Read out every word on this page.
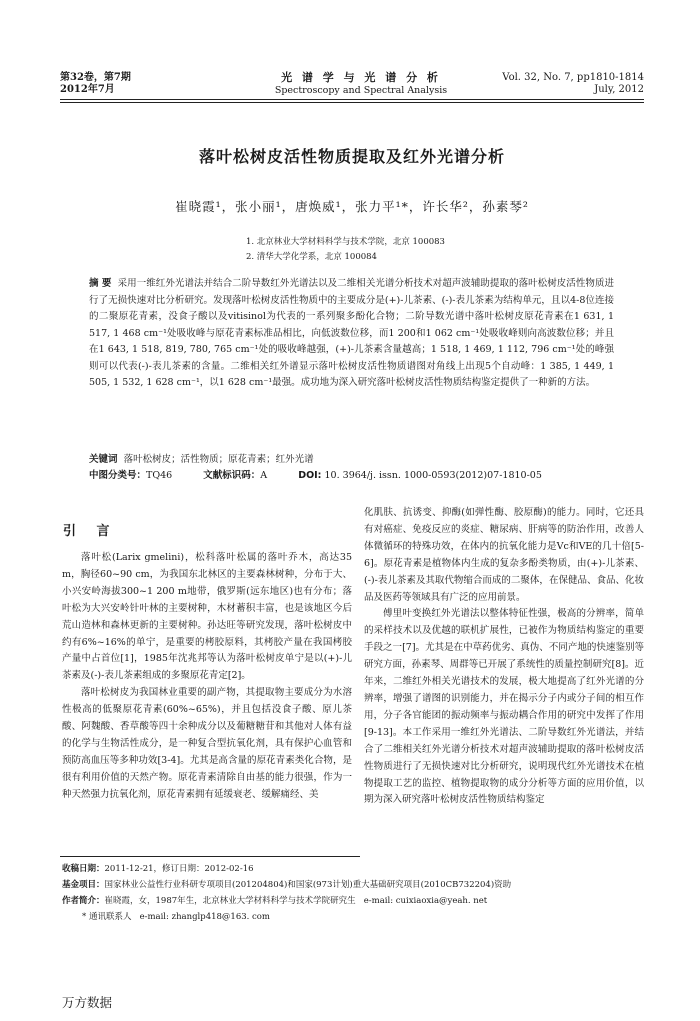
第32卷，第7期
2012年7月
光 谱 学 与 光 谱 分 析
Spectroscopy and Spectral Analysis
Vol. 32, No. 7, pp1810-1814
July, 2012
落叶松树皮活性物质提取及红外光谱分析
崔晓霞¹，张小丽¹，唐焕威¹，张力平¹*，许长华²，孙素琴²
1. 北京林业大学材料科学与技术学院，北京 100083
2. 清华大学化学系，北京 100084
摘 要 采用一维红外光谱法并结合二阶导数红外光谱法以及二维相关光谱分析技术对超声波辅助提取的落叶松树皮活性物质进行了无损快速对比分析研究。发现落叶松树皮活性物质中的主要成分是(+)-儿茶素、(-)-表儿茶素为结构单元，且以4-8位连接的二聚原花青素，没食子酸以及vitisinol为代表的一系列聚多酚化合物；二阶导数光谱中落叶松树皮原花青素在1 631, 1 517, 1 468 cm⁻¹处吸收峰与原花青素标准品相比，向低波数位移，而1 200和1 062 cm⁻¹处吸收峰则向高波数位移；并且在1 643, 1 518, 819, 780, 765 cm⁻¹处的吸收峰越强，(+)-儿茶素含量越高；1 518, 1 469, 1 112, 796 cm⁻¹处的峰强则可以代表(-)-表儿茶素的含量。二维相关红外谱显示落叶松树皮活性物质谱图对角线上出现5个自动峰：1 385, 1 449, 1 505, 1 532, 1 628 cm⁻¹，以1 628 cm⁻¹最强。成功地为深入研究落叶松树皮活性物质结构鉴定提供了一种新的方法。
关键词 落叶松树皮；活性物质；原花青素；红外光谱
中图分类号：TQ46	文献标识码：A	DOI: 10. 3964/j. issn. 1000-0593(2012)07-1810-05
引 言

落叶松(Larix gmelini)，松科落叶松属的落叶乔木，高达35 m，胸径60~90 cm，为我国东北林区的主要森林树种，分布于大、小兴安岭海拔300~1 200 m地带，俄罗斯(远东地区)也有分布；落叶松为大兴安岭针叶林的主要树种，木材蓄积丰富，也是该地区今后荒山造林和森林更新的主要树种。孙达旺等研究发现，落叶松树皮中约有6%~16%的单宁，是重要的栲胶原料，其栲胶产量在我国栲胶产量中占首位[1]，1985年沈兆邦等认为落叶松树皮单宁是以(+)-儿茶素及(-)-表儿茶素组成的多聚原花青定[2]。

落叶松树皮为我国林业重要的副产物，其提取物主要成分为水溶性极高的低聚原花青素(60%~65%)，并且包括没食子酸、原儿茶酸、阿魏酸、香草酸等四十余种成分以及葡糖糖苷和其他对人体有益的化学与生物活性成分，是一种复合型抗氧化剂，具有保护心血管和预防高血压等多种功效[3-4]。尤其是高含量的原花青素类化合物，是很有利用价值的天然产物。原花青素清除自由基的能力很强，作为一种天然强力抗氧化剂，原花青素拥有延缓衰老、缓解痛经、美

化肌肤、抗诱变、抑酶(如弹性酶、胶原酶)的能力。同时，它还具有对癌症、免疫反应的炎症、糖尿病、肝病等的防治作用，改善人体微循环的特殊功效，在体内的抗氧化能力是Vc和VE的几十倍[5-6]。原花青素是植物体内生成的复杂多酚类物质，由(+)-儿茶素、(-)-表儿茶素及其取代物缩合而成的二聚体，在保健品、食品、化妆品及医药等领域具有广泛的应用前景。

傅里叶变换红外光谱法以整体特征性强，极高的分辨率，简单的采样技术以及优越的联机扩展性，已被作为物质结构鉴定的重要手段之一[7]。尤其是在中草药优劣、真伪、不同产地的快速鉴别等研究方面，孙素琴、周群等已开展了系统性的质量控制研究[8]。近年来，二维红外相关光谱技术的发展，极大地提高了红外光谱的分辨率，增强了谱图的识别能力，并在揭示分子内或分子间的相互作用，分子各官能团的振动频率与振动耦合作用的研究中发挥了作用[9-13]。本工作采用一维红外光谱法、二阶导数红外光谱法，并结合了二维相关红外光谱分析技术对超声波辅助提取的落叶松树皮活性物质进行了无损快速对比分析研究，说明现代红外光谱技术在植物提取工艺的监控、植物提取物的成分分析等方面的应用价值，以期为深入研究落叶松树皮活性物质结构鉴定

收稿日期：2011-12-21，修订日期：2012-02-16
基金项目：国家林业公益性行业科研专项项目(201204804)和国家(973计划)重大基础研究项目(2010CB732204)资助
作者简介：崔晓霞，女，1987年生，北京林业大学材料科学与技术学院研究生 e-mail: cuixiaoxia@yeah. net
* 通讯联系人 e-mail: zhanglp418@163. com
万方数据
